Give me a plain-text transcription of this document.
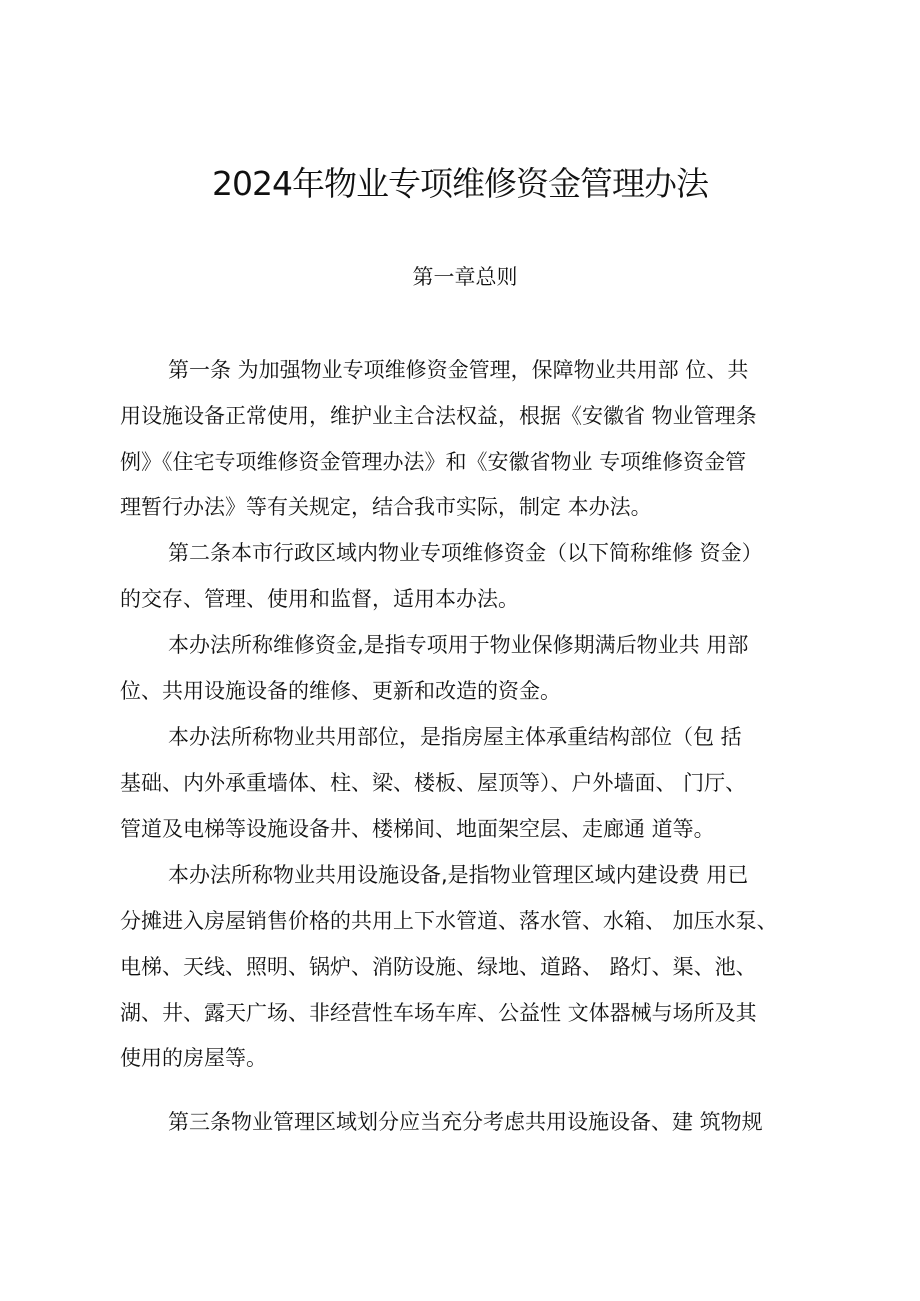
2024年物业专项维修资金管理办法
第一章总则

第一条 为加强物业专项维修资金管理，保障物业共用部 位、共

用设施设备正常使用，维护业主合法权益，根据《安徽省 物业管理条

例》《住宅专项维修资金管理办法》和《安徽省物业 专项维修资金管

理暂行办法》等有关规定，结合我市实际，制定 本办法。

第二条本市行政区域内物业专项维修资金（以下简称维修 资金）

的交存、管理、使用和监督，适用本办法。

本办法所称维修资金,是指专项用于物业保修期满后物业共 用部

位、共用设施设备的维修、更新和改造的资金。

本办法所称物业共用部位，是指房屋主体承重结构部位（包 括

基础、内外承重墙体、柱、梁、楼板、屋顶等）、户外墙面、 门厅、

管道及电梯等设施设备井、楼梯间、地面架空层、走廊通 道等。

本办法所称物业共用设施设备,是指物业管理区域内建设费 用已

分摊进入房屋销售价格的共用上下水管道、落水管、水箱、 加压水泵、

电梯、天线、照明、锅炉、消防设施、绿地、道路、 路灯、渠、池、

湖、井、露天广场、非经营性车场车库、公益性 文体器械与场所及其

使用的房屋等。

第三条物业管理区域划分应当充分考虑共用设施设备、建 筑物规
